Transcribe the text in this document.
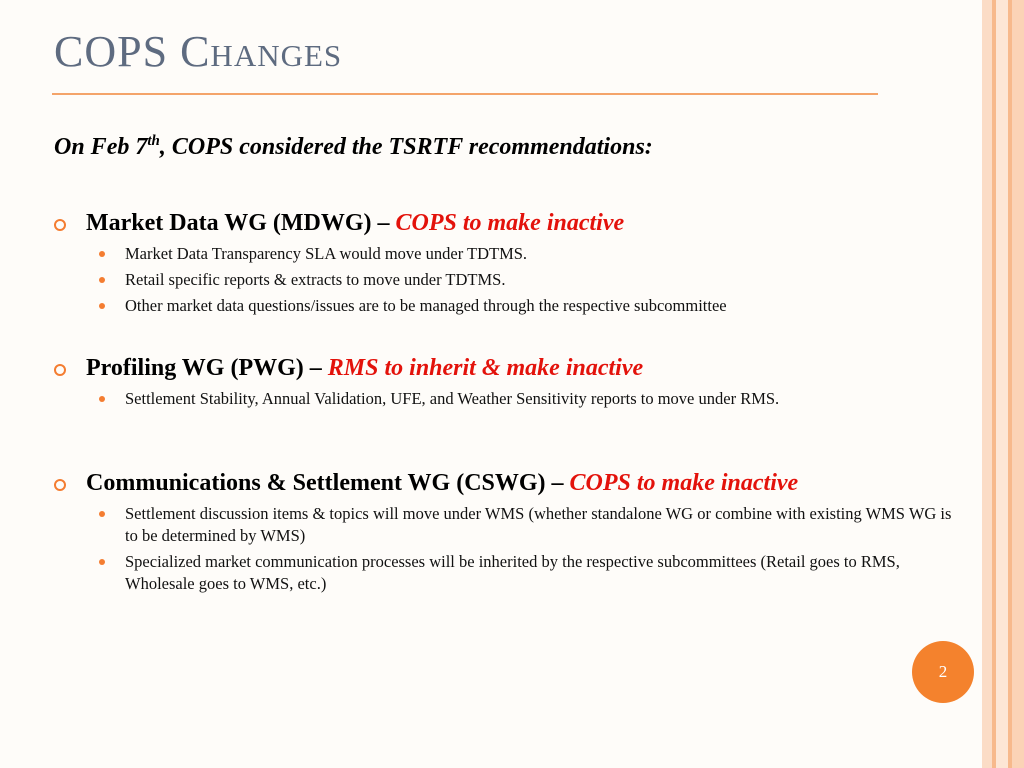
COPS Changes
On Feb 7th, COPS considered the TSRTF recommendations:
Market Data WG (MDWG) – COPS to make inactive
Market Data Transparency SLA would move under TDTMS.
Retail specific reports & extracts to move under TDTMS.
Other market data questions/issues are to be managed through the respective subcommittee
Profiling WG (PWG) – RMS to inherit & make inactive
Settlement Stability, Annual Validation, UFE, and Weather Sensitivity reports to move under RMS.
Communications & Settlement WG (CSWG) – COPS to make inactive
Settlement discussion items & topics will move under WMS (whether standalone WG or combine with existing WMS WG is to be determined by WMS)
Specialized market communication processes will be inherited by the respective subcommittees (Retail goes to RMS, Wholesale goes to WMS, etc.)
2
